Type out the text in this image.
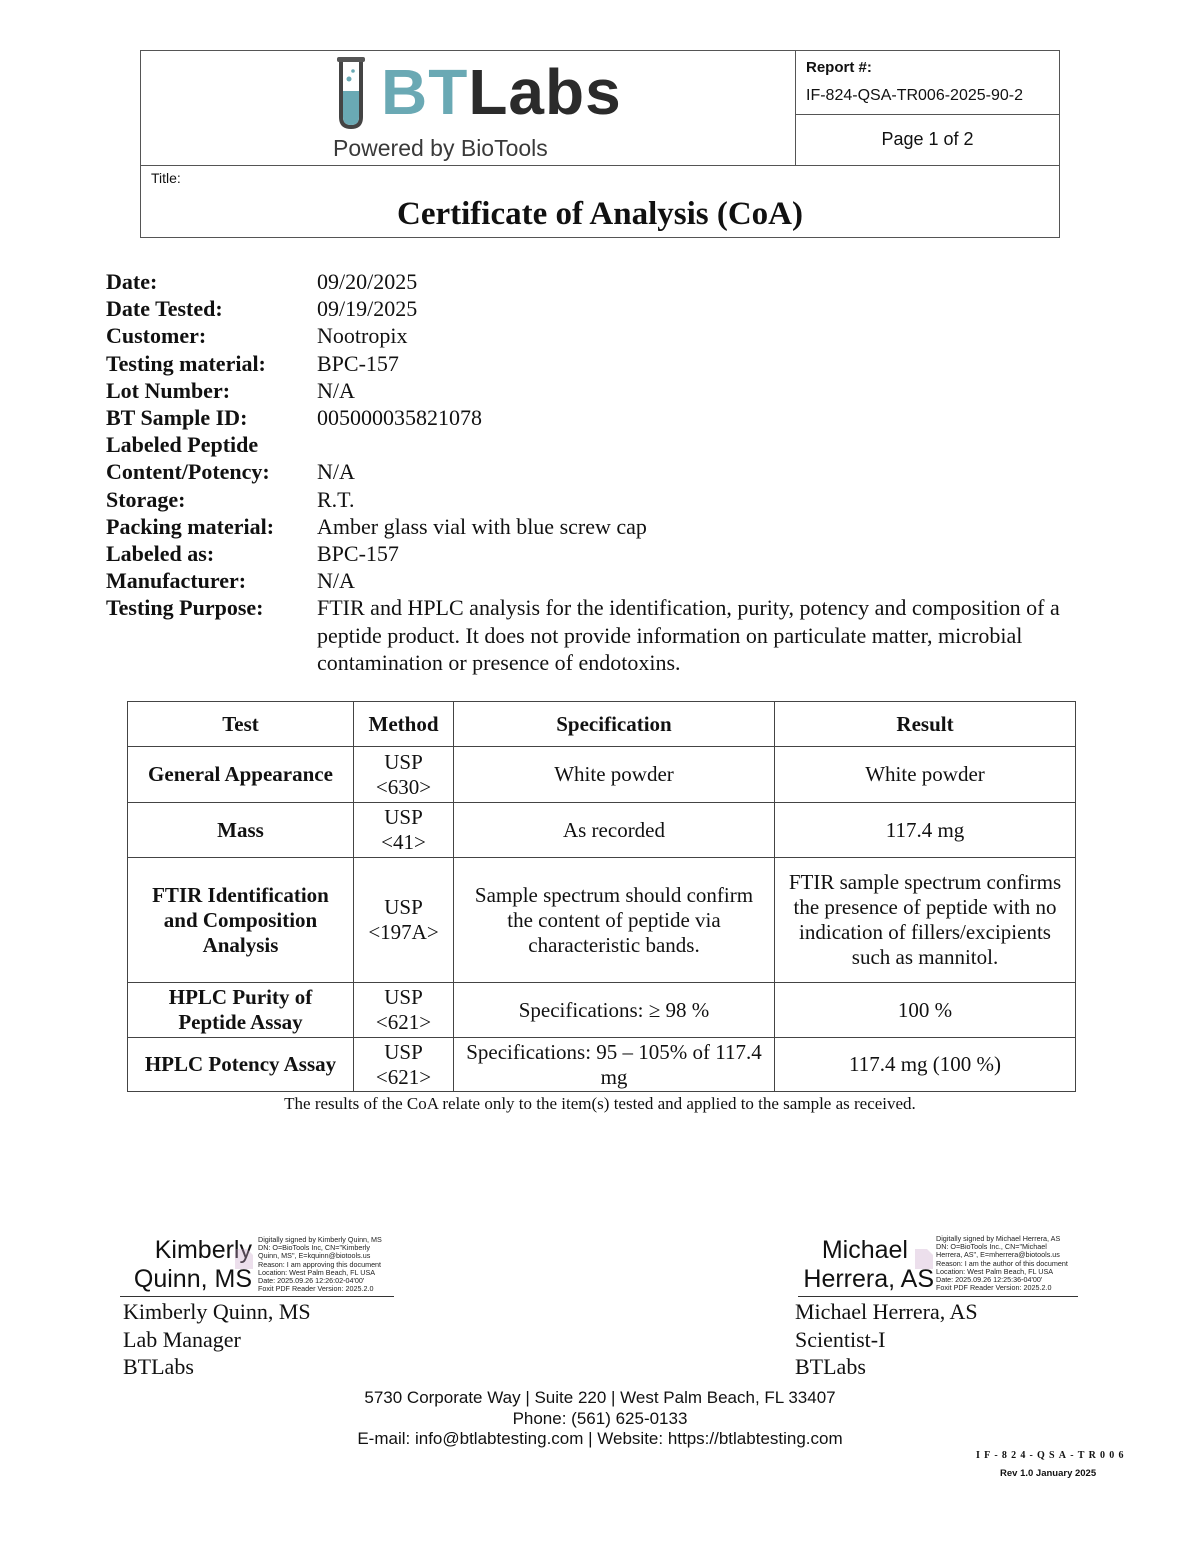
BTLabs
Powered by BioTools
Report #:
IF-824-QSA-TR006-2025-90-2
Page 1 of 2
Title:
Certificate of Analysis (CoA)
Date:	09/20/2025
Date Tested:	09/19/2025
Customer:	Nootropix
Testing material:	BPC-157
Lot Number:	N/A
BT Sample ID:	005000035821078
Labeled Peptide
Content/Potency:	N/A
Storage:	R.T.
Packing material:	Amber glass vial with blue screw cap
Labeled as:	BPC-157
Manufacturer:	N/A
Testing Purpose:	FTIR and HPLC analysis for the identification, purity, potency and composition of a peptide product. It does not provide information on particulate matter, microbial contamination or presence of endotoxins.
Test	Method	Specification	Result
General Appearance	USP <630>	White powder	White powder
Mass	USP <41>	As recorded	117.4 mg
FTIR Identification and Composition Analysis	USP <197A>	Sample spectrum should confirm the content of peptide via characteristic bands.	FTIR sample spectrum confirms the presence of peptide with no indication of fillers/excipients such as mannitol.
HPLC Purity of Peptide Assay	USP <621>	Specifications: ≥ 98 %	100 %
HPLC Potency Assay	USP <621>	Specifications: 95 – 105% of 117.4 mg	117.4 mg (100 %)
The results of the CoA relate only to the item(s) tested and applied to the sample as received.
Kimberly
Quinn, MS
Digitally signed by Kimberly Quinn, MS
DN: O=BioTools Inc, CN="Kimberly
Quinn, MS", E=kquinn@biotools.us
Reason: I am approving this document
Location: West Palm Beach, FL USA
Date: 2025.09.26 12:26:02-04'00'
Foxit PDF Reader Version: 2025.2.0
Kimberly Quinn, MS
Lab Manager
BTLabs
Michael
Herrera, AS
Digitally signed by Michael Herrera, AS
DN: O=BioTools Inc., CN="Michael
Herrera, AS", E=mherrera@biotools.us
Reason: I am the author of this document
Location: West Palm Beach, FL USA
Date: 2025.09.26 12:25:36-04'00'
Foxit PDF Reader Version: 2025.2.0
Michael Herrera, AS
Scientist-I
BTLabs
5730 Corporate Way | Suite 220 | West Palm Beach, FL 33407
Phone: (561) 625-0133
E-mail: info@btlabtesting.com | Website: https://btlabtesting.com
IF-824-QSA-TR006
Rev 1.0 January 2025
